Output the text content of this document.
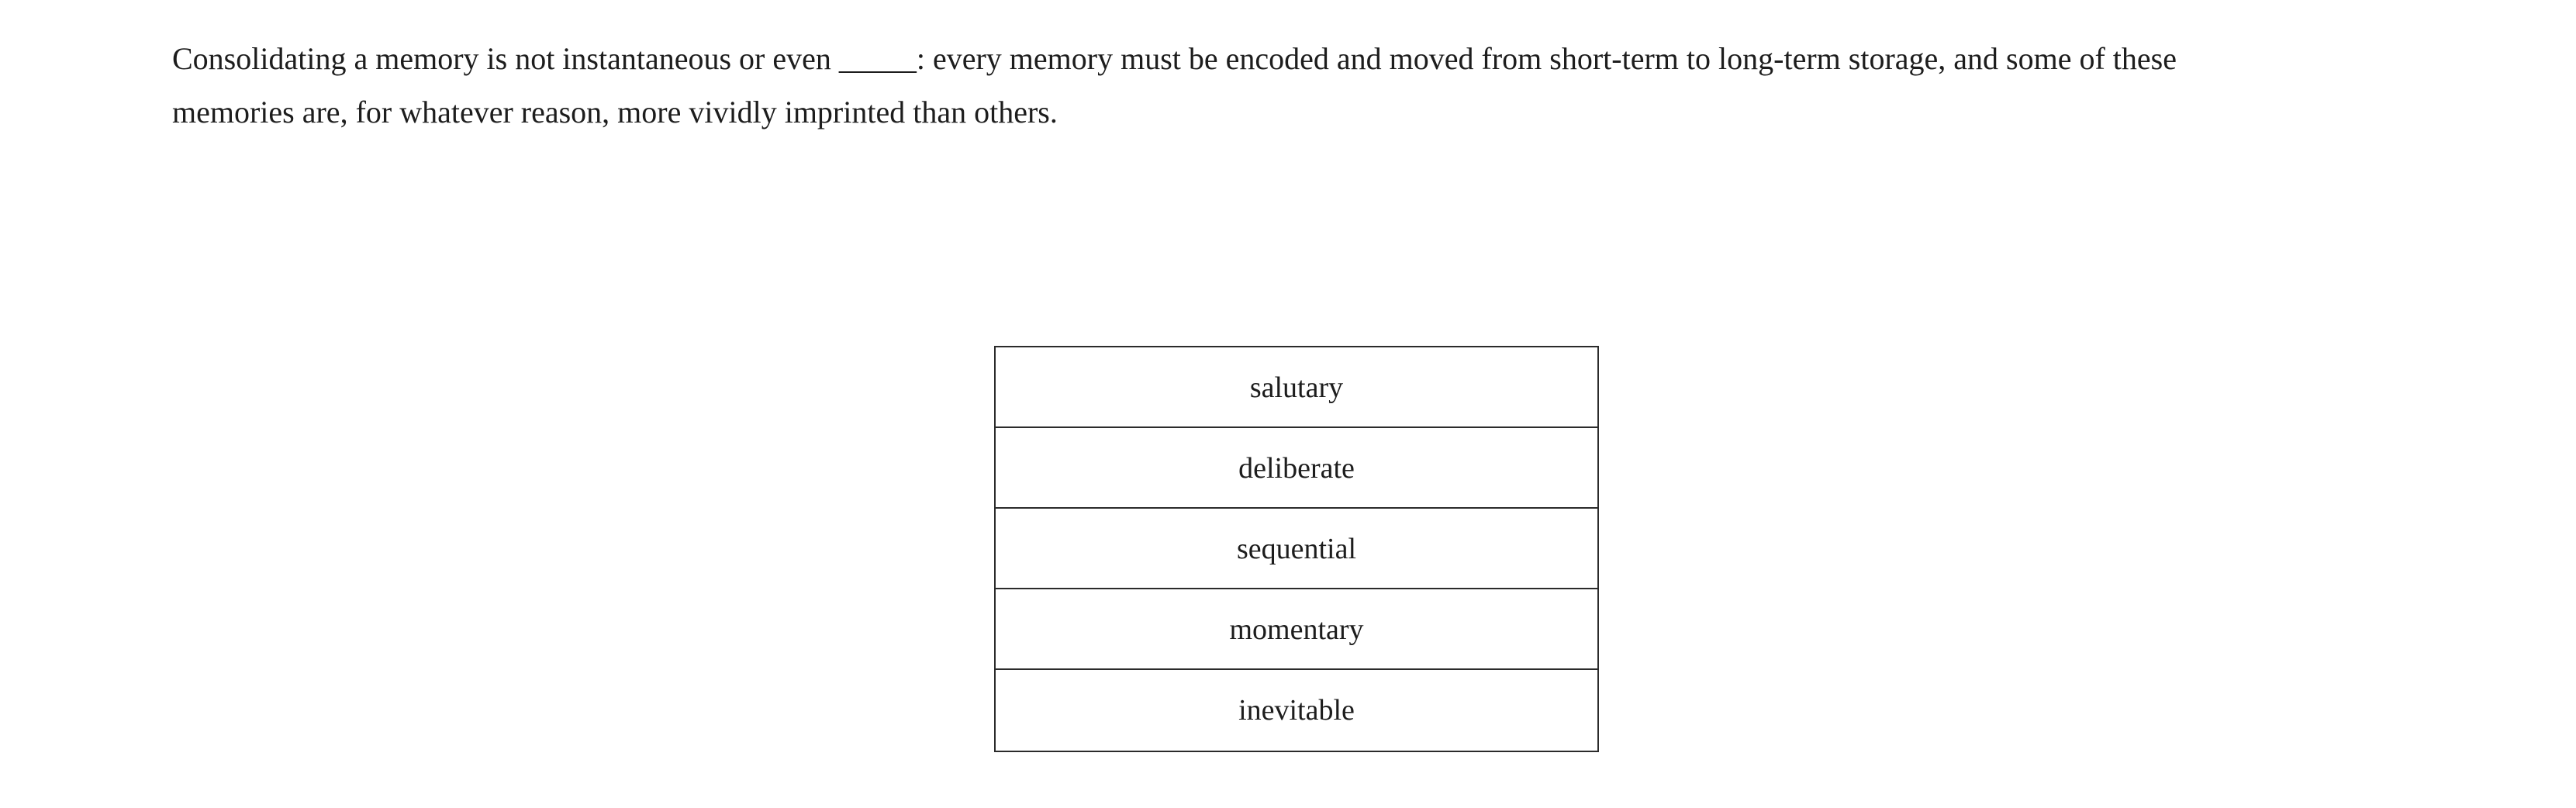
Consolidating a memory is not instantaneous or even _____: every memory must be encoded and moved from short-term to long-term storage, and some of these memories are, for whatever reason, more vividly imprinted than others.
salutary
deliberate
sequential
momentary
inevitable
